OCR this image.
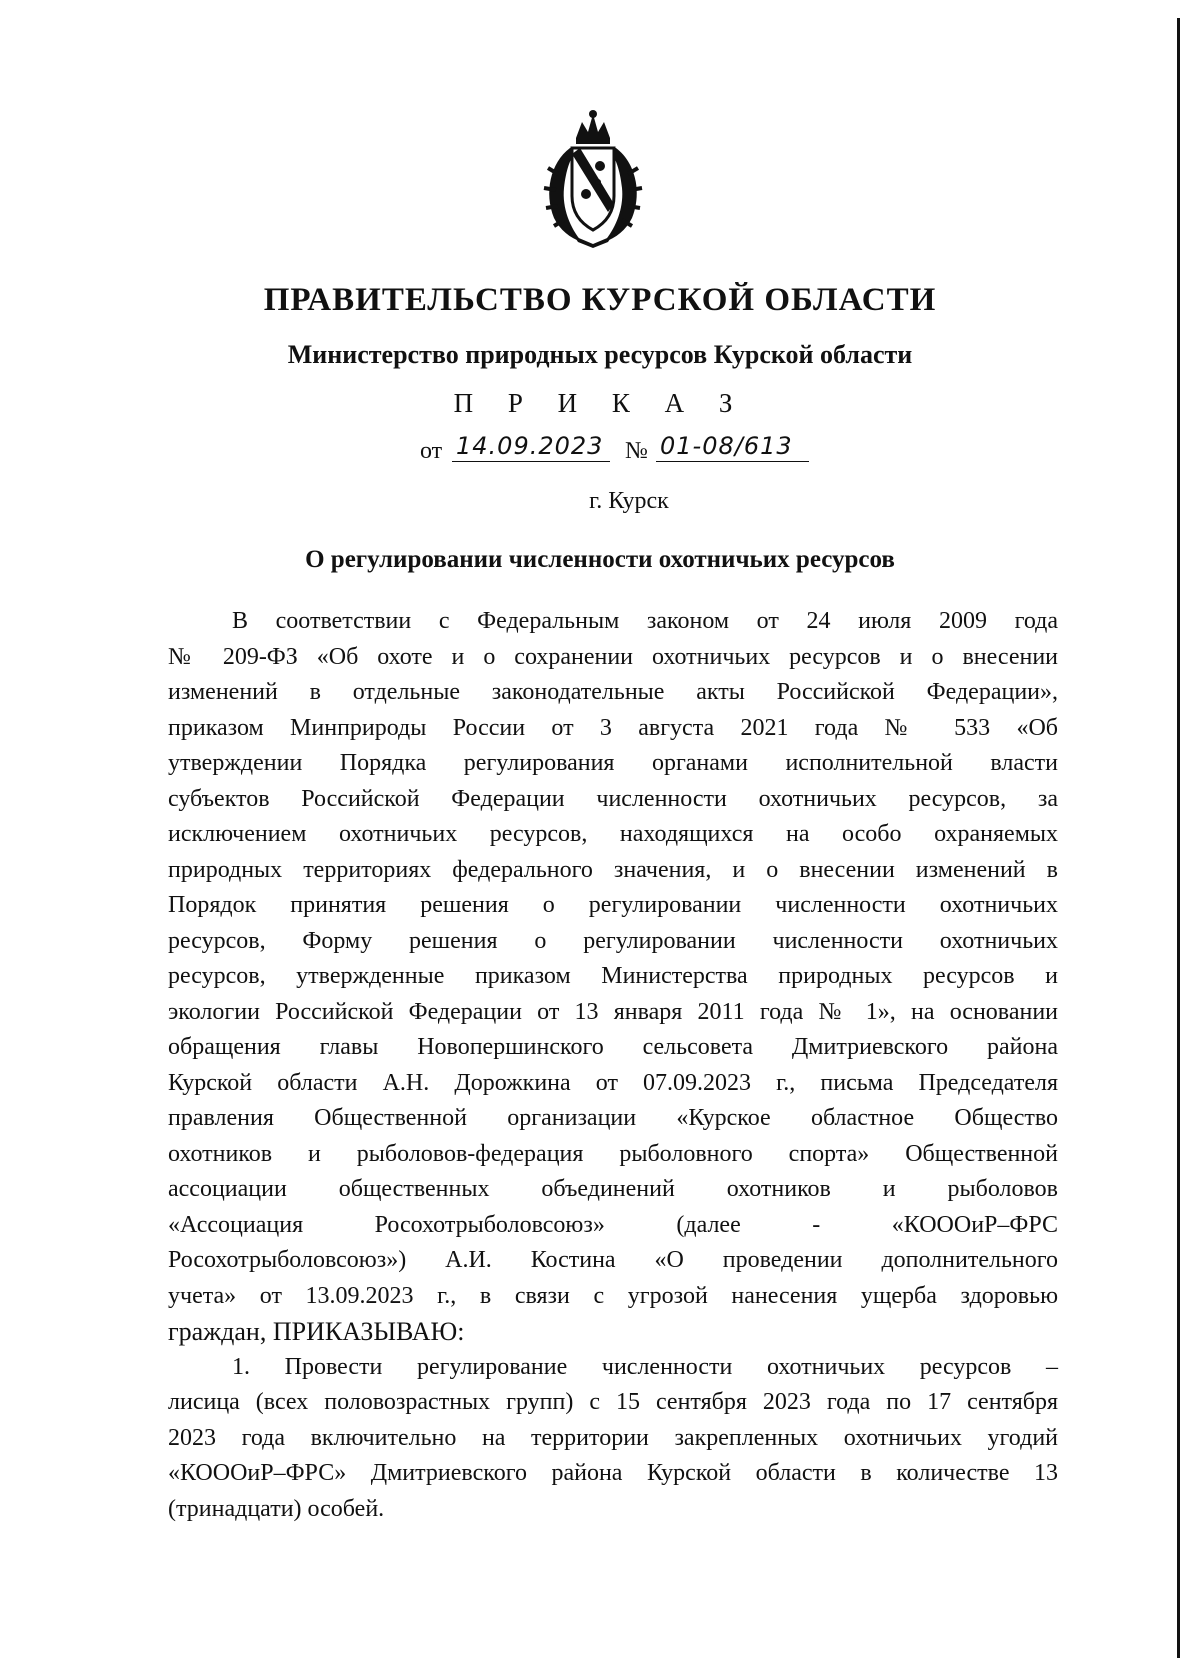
ПРАВИТЕЛЬСТВО КУРСКОЙ ОБЛАСТИ
Министерство природных ресурсов Курской области
П Р И К А З
от 14.09.2023 № 01-08/613
г. Курск
О регулировании численности охотничьих ресурсов
В соответствии с Федеральным законом от 24 июля 2009 года
№ 209-ФЗ «Об охоте и о сохранении охотничьих ресурсов и о внесении
изменений в отдельные законодательные акты Российской Федерации»,
приказом Минприроды России от 3 августа 2021 года № 533 «Об
утверждении Порядка регулирования органами исполнительной власти
субъектов Российской Федерации численности охотничьих ресурсов, за
исключением охотничьих ресурсов, находящихся на особо охраняемых
природных территориях федерального значения, и о внесении изменений в
Порядок принятия решения о регулировании численности охотничьих
ресурсов, Форму решения о регулировании численности охотничьих
ресурсов, утвержденные приказом Министерства природных ресурсов и
экологии Российской Федерации от 13 января 2011 года № 1», на основании
обращения главы Новопершинского сельсовета Дмитриевского района
Курской области А.Н. Дорожкина от 07.09.2023 г., письма Председателя
правления Общественной организации «Курское областное Общество
охотников и рыболовов-федерация рыболовного спорта» Общественной
ассоциации общественных объединений охотников и рыболовов
«Ассоциация Росохотрыболовсоюз» (далее - «КОООиР–ФРС
Росохотрыболовсоюз») А.И. Костина «О проведении дополнительного
учета» от 13.09.2023 г., в связи с угрозой нанесения ущерба здоровью
граждан, ПРИКАЗЫВАЮ:
1. Провести регулирование численности охотничьих ресурсов –
лисица (всех половозрастных групп) с 15 сентября 2023 года по 17 сентября
2023 года включительно на территории закрепленных охотничьих угодий
«КОООиР–ФРС» Дмитриевского района Курской области в количестве 13
(тринадцати) особей.
